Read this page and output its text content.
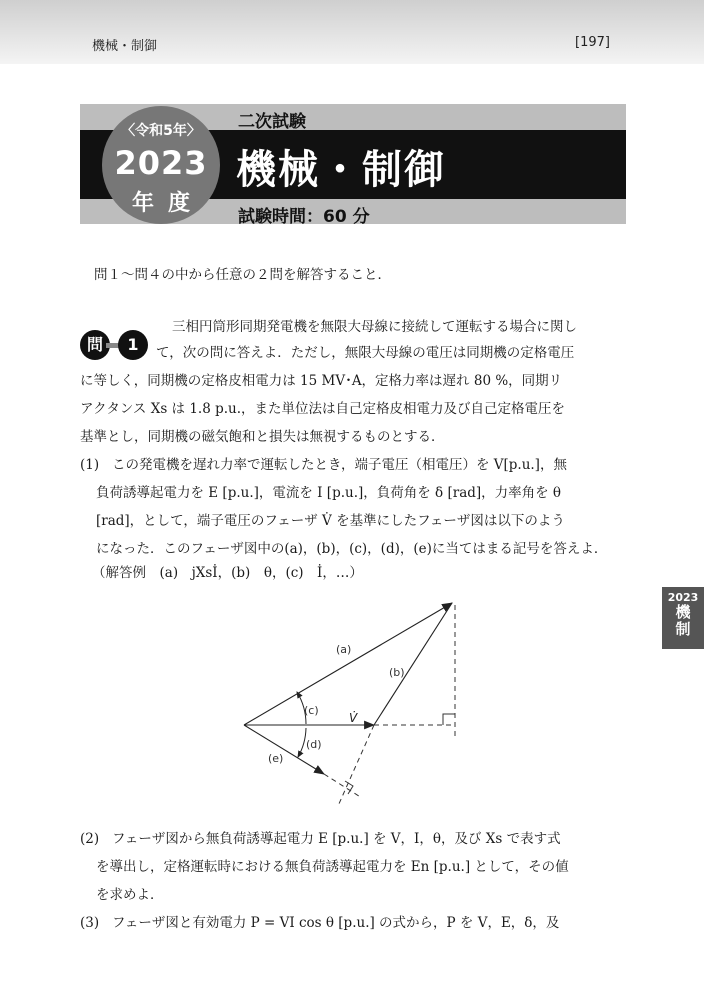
機械・制御	[197]
〈令和5年〉
2023
年度
二次試験
機械・制御
試験時間：60 分
問１〜問４の中から任意の２問を解答すること．
問	1
三相円筒形同期発電機を無限大母線に接続して運転する場合に関し
て，次の問に答えよ．ただし，無限大母線の電圧は同期機の定格電圧
に等しく，同期機の定格皮相電力は 15 MV･A，定格力率は遅れ 80 %，同期リ
アクタンス Xs は 1.8 p.u.，また単位法は自己定格皮相電力及び自己定格電圧を
基準とし，同期機の磁気飽和と損失は無視するものとする．
(1) この発電機を遅れ力率で運転したとき，端子電圧（相電圧）を V[p.u.]，無
負荷誘導起電力を E [p.u.]，電流を I [p.u.]，負荷角を δ [rad]，力率角を θ
[rad]，として，端子電圧のフェーザ V̇ を基準にしたフェーザ図は以下のよう
になった．このフェーザ図中の(a)，(b)，(c)，(d)，(e)に当てはまる記号を答えよ．
（解答例　(a)　jXsİ，(b)　θ，(c)　İ，…）
(a)
(b)
(c)
(d)
(e)
V̇
2023
機
制
(2) フェーザ図から無負荷誘導起電力 E [p.u.] を V，I，θ，及び Xs で表す式
を導出し，定格運転時における無負荷誘導起電力を En [p.u.] として，その値
を求めよ．
(3) フェーザ図と有効電力 P = VI cos θ [p.u.] の式から，P を V，E，δ，及
